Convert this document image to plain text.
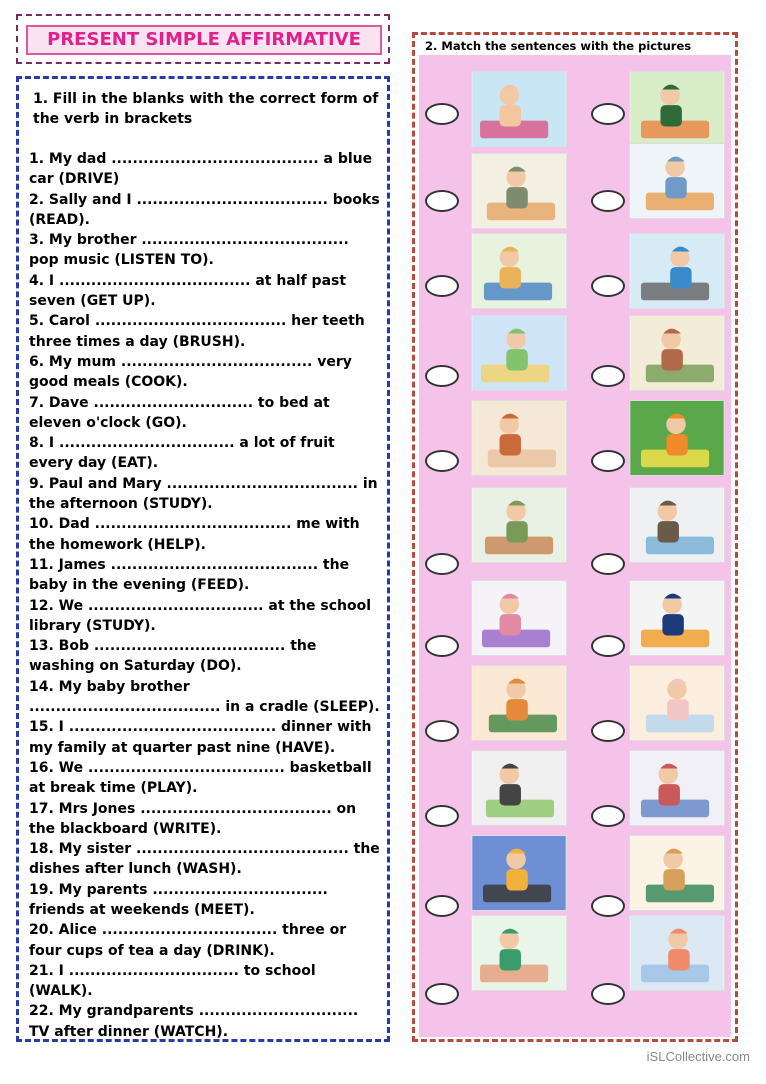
PRESENT SIMPLE AFFIRMATIVE
1. Fill in the blanks with the correct form of the verb in brackets

1. My dad ....................................... a blue car (DRIVE)

2. Sally and I .................................... books (READ).

3. My brother ....................................... pop music (LISTEN TO).

4. I .................................... at half past seven (GET UP).

5. Carol .................................... her teeth three times a day (BRUSH).

6. My mum .................................... very good meals (COOK).

7. Dave .............................. to bed at eleven o'clock (GO).

8. I ................................. a lot of fruit every day (EAT).

9. Paul and Mary .................................... in the afternoon (STUDY).

10. Dad ..................................... me with the homework (HELP).

11. James ....................................... the baby in the evening (FEED).

12. We ................................. at the school library (STUDY).

13. Bob .................................... the washing on Saturday (DO).

14. My baby brother .................................... in a cradle (SLEEP).

15. I ....................................... dinner with my family at quarter past nine (HAVE).

16. We ..................................... basketball at break time (PLAY).

17. Mrs Jones .................................... on the blackboard (WRITE).

18. My sister ........................................ the dishes after lunch (WASH).

19. My parents ................................. friends at weekends (MEET).

20. Alice ................................. three or four cups of tea a day (DRINK).

21. I ................................ to school (WALK).

22. My grandparents .............................. TV after dinner (WATCH).

2. Match the sentences with the pictures
iSLCollective.com
